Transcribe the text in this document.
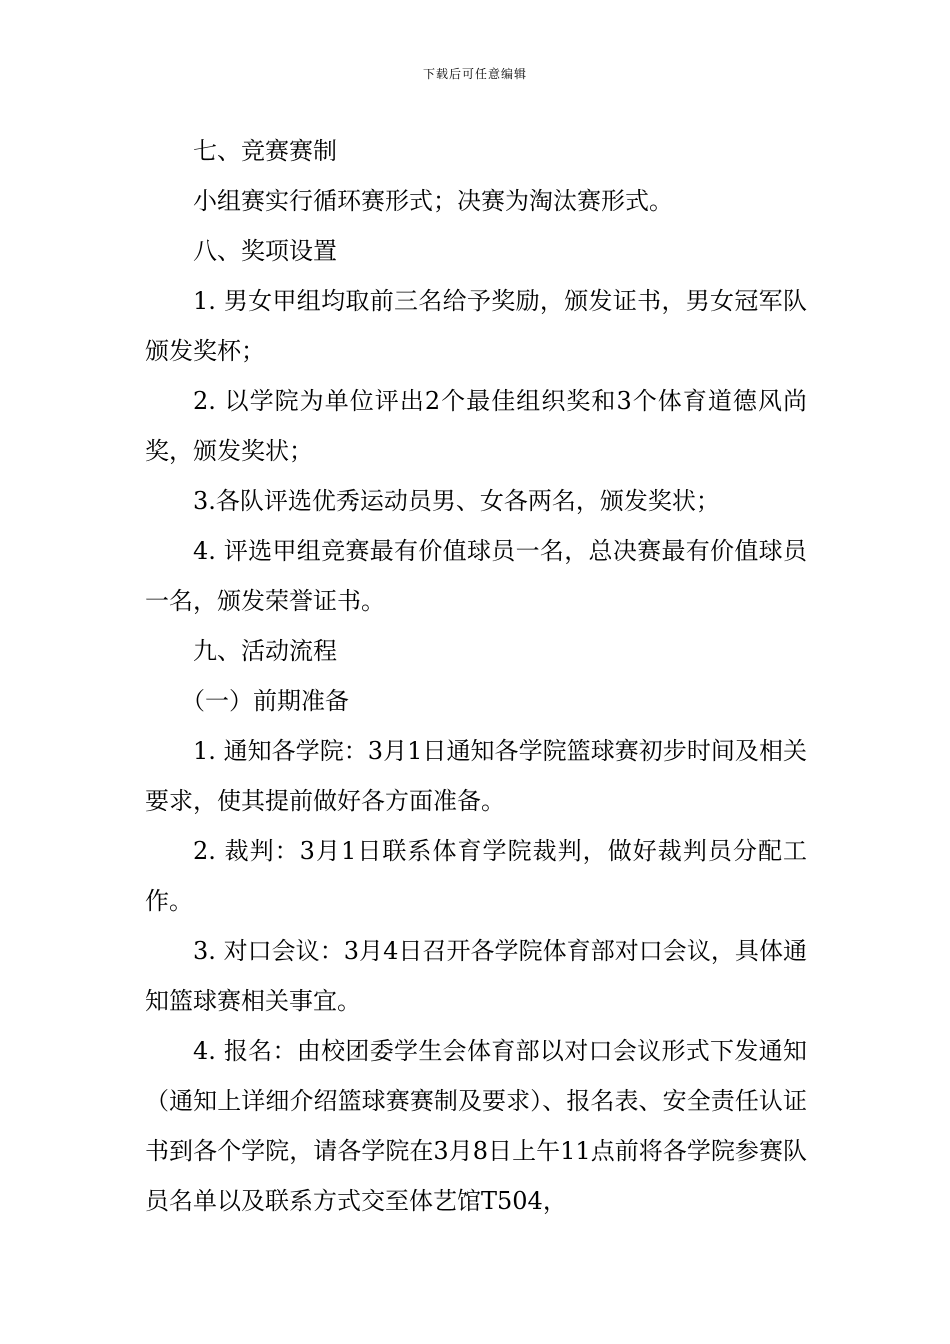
下载后可任意编辑

七、竞赛赛制

小组赛实行循环赛形式；决赛为淘汰赛形式。

八、奖项设置

1. 男女甲组均取前三名给予奖励，颁发证书，男女冠军队颁发奖杯；

2. 以学院为单位评出2个最佳组织奖和3个体育道德风尚奖，颁发奖状；

3.各队评选优秀运动员男、女各两名，颁发奖状；

4. 评选甲组竞赛最有价值球员一名，总决赛最有价值球员一名，颁发荣誉证书。

九、活动流程

（一）前期准备

1. 通知各学院：3月1日通知各学院篮球赛初步时间及相关要求，使其提前做好各方面准备。

2. 裁判：3月1日联系体育学院裁判，做好裁判员分配工作。

3. 对口会议：3月4日召开各学院体育部对口会议，具体通知篮球赛相关事宜。

4. 报名：由校团委学生会体育部以对口会议形式下发通知（通知上详细介绍篮球赛赛制及要求）、报名表、安全责任认证书到各个学院，请各学院在3月8日上午11点前将各学院参赛队员名单以及联系方式交至体艺馆T504，
